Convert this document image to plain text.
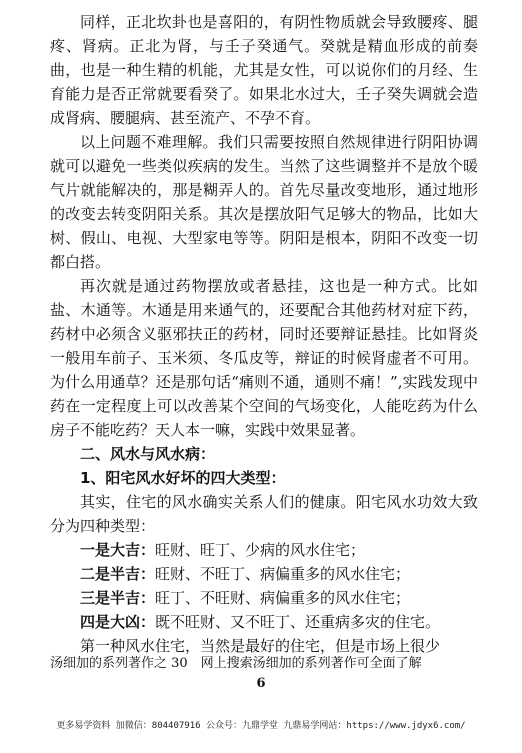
同样，正北坎卦也是喜阳的，有阴性物质就会导致腰疼、腿疼、肾病。正北为肾，与壬子癸通气。癸就是精血形成的前奏曲，也是一种生精的机能，尤其是女性，可以说你们的月经、生育能力是否正常就要看癸了。如果北水过大，壬子癸失调就会造成肾病、腰腿病、甚至流产、不孕不育。

以上问题不难理解。我们只需要按照自然规律进行阴阳协调就可以避免一些类似疾病的发生。当然了这些调整并不是放个暖气片就能解决的，那是糊弄人的。首先尽量改变地形，通过地形的改变去转变阴阳关系。其次是摆放阳气足够大的物品，比如大树、假山、电视、大型家电等等。阴阳是根本，阴阳不改变一切都白搭。

再次就是通过药物摆放或者悬挂，这也是一种方式。比如盐、木通等。木通是用来通气的，还要配合其他药材对症下药，药材中必须含义驱邪扶正的药材，同时还要辩证悬挂。比如肾炎一般用车前子、玉米须、冬瓜皮等，辩证的时候肾虚者不可用。为什么用通草？还是那句话“痛则不通，通则不痛！”,实践发现中药在一定程度上可以改善某个空间的气场变化，人能吃药为什么房子不能吃药？天人本一嘛，实践中效果显著。

二、风水与风水病：

1、阳宅风水好坏的四大类型：

其实，住宅的风水确实关系人们的健康。阳宅风水功效大致分为四种类型：

一是大吉：旺财、旺丁、少病的风水住宅；

二是半吉：旺财、不旺丁、病偏重多的风水住宅；

三是半吉：旺丁、不旺财、病偏重多的风水住宅；

四是大凶：既不旺财、又不旺丁、还重病多灾的住宅。

第一种风水住宅，当然是最好的住宅，但是市场上很少

汤细加的系列著作之 30　网上搜索汤细加的系列著作可全面了解
6
更多易学资料 加微信：804407916 公众号：九鼎学堂 九鼎易学网站：https://www.jdyx6.com/
